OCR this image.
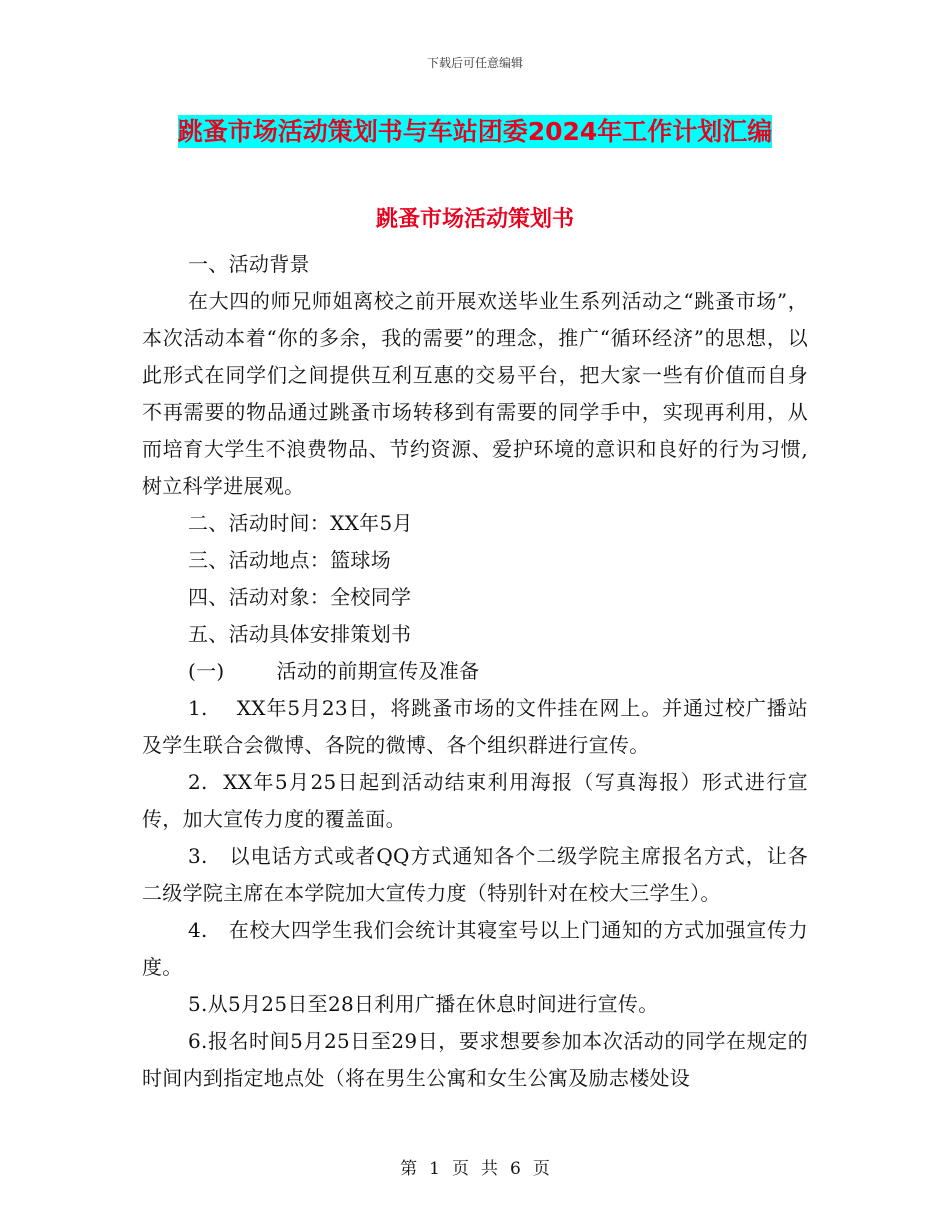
下载后可任意编辑
跳蚤市场活动策划书与车站团委2024年工作计划汇编
跳蚤市场活动策划书

一、活动背景

在大四的师兄师姐离校之前开展欢送毕业生系列活动之“跳蚤市场”，本次活动本着“你的多余，我的需要”的理念，推广“循环经济”的思想，以此形式在同学们之间提供互利互惠的交易平台，把大家一些有价值而自身不再需要的物品通过跳蚤市场转移到有需要的同学手中，实现再利用，从而培育大学生不浪费物品、节约资源、爱护环境的意识和良好的行为习惯,树立科学进展观。

二、活动时间：XX年5月

三、活动地点：篮球场

四、活动对象：全校同学

五、活动具体安排策划书

(一)	活动的前期宣传及准备

1. XX年5月23日，将跳蚤市场的文件挂在网上。并通过校广播站及学生联合会微博、各院的微博、各个组织群进行宣传。

2. XX年5月25日起到活动结束利用海报（写真海报）形式进行宣传，加大宣传力度的覆盖面。

3. 以电话方式或者QQ方式通知各个二级学院主席报名方式，让各二级学院主席在本学院加大宣传力度（特别针对在校大三学生）。

4. 在校大四学生我们会统计其寝室号以上门通知的方式加强宣传力度。

5.从5月25日至28日利用广播在休息时间进行宣传。

6.报名时间5月25日至29日，要求想要参加本次活动的同学在规定的时间内到指定地点处（将在男生公寓和女生公寓及励志楼处设

第 1 页 共 6 页
